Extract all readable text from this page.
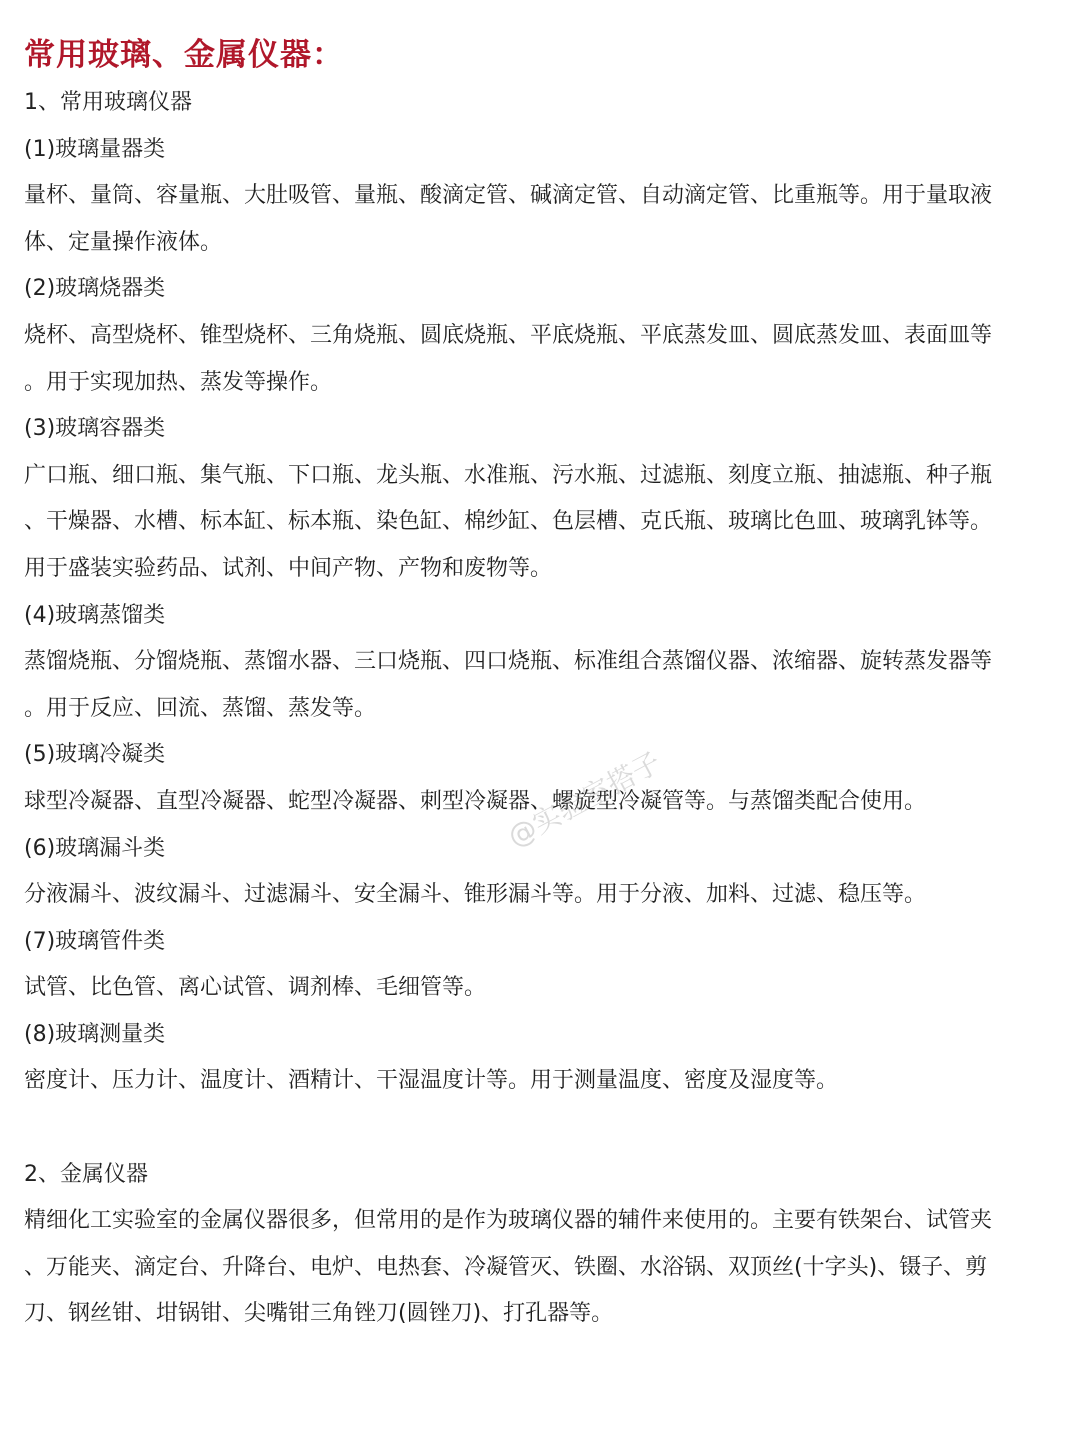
常用玻璃、金属仪器：
1、常用玻璃仪器
(1)玻璃量器类
量杯、量筒、容量瓶、大肚吸管、量瓶、酸滴定管、碱滴定管、自动滴定管、比重瓶等。用于量取液
体、定量操作液体。
(2)玻璃烧器类
烧杯、高型烧杯、锥型烧杯、三角烧瓶、圆底烧瓶、平底烧瓶、平底蒸发皿、圆底蒸发皿、表面皿等
。用于实现加热、蒸发等操作。
(3)玻璃容器类
广口瓶、细口瓶、集气瓶、下口瓶、龙头瓶、水准瓶、污水瓶、过滤瓶、刻度立瓶、抽滤瓶、种子瓶
、干燥器、水槽、标本缸、标本瓶、染色缸、棉纱缸、色层槽、克氏瓶、玻璃比色皿、玻璃乳钵等。
用于盛装实验药品、试剂、中间产物、产物和废物等。
(4)玻璃蒸馏类
蒸馏烧瓶、分馏烧瓶、蒸馏水器、三口烧瓶、四口烧瓶、标准组合蒸馏仪器、浓缩器、旋转蒸发器等
。用于反应、回流、蒸馏、蒸发等。
(5)玻璃冷凝类
球型冷凝器、直型冷凝器、蛇型冷凝器、刺型冷凝器、螺旋型冷凝管等。与蒸馏类配合使用。
(6)玻璃漏斗类
分液漏斗、波纹漏斗、过滤漏斗、安全漏斗、锥形漏斗等。用于分液、加料、过滤、稳压等。
(7)玻璃管件类
试管、比色管、离心试管、调剂棒、毛细管等。
(8)玻璃测量类
密度计、压力计、温度计、酒精计、干湿温度计等。用于测量温度、密度及湿度等。
2、金属仪器
精细化工实验室的金属仪器很多，但常用的是作为玻璃仪器的辅件来使用的。主要有铁架台、试管夹
、万能夹、滴定台、升降台、电炉、电热套、冷凝管灭、铁圈、水浴锅、双顶丝(十字头)、镊子、剪
刀、钢丝钳、坩锅钳、尖嘴钳三角锉刀(圆锉刀)、打孔器等。
@实验室搭子
